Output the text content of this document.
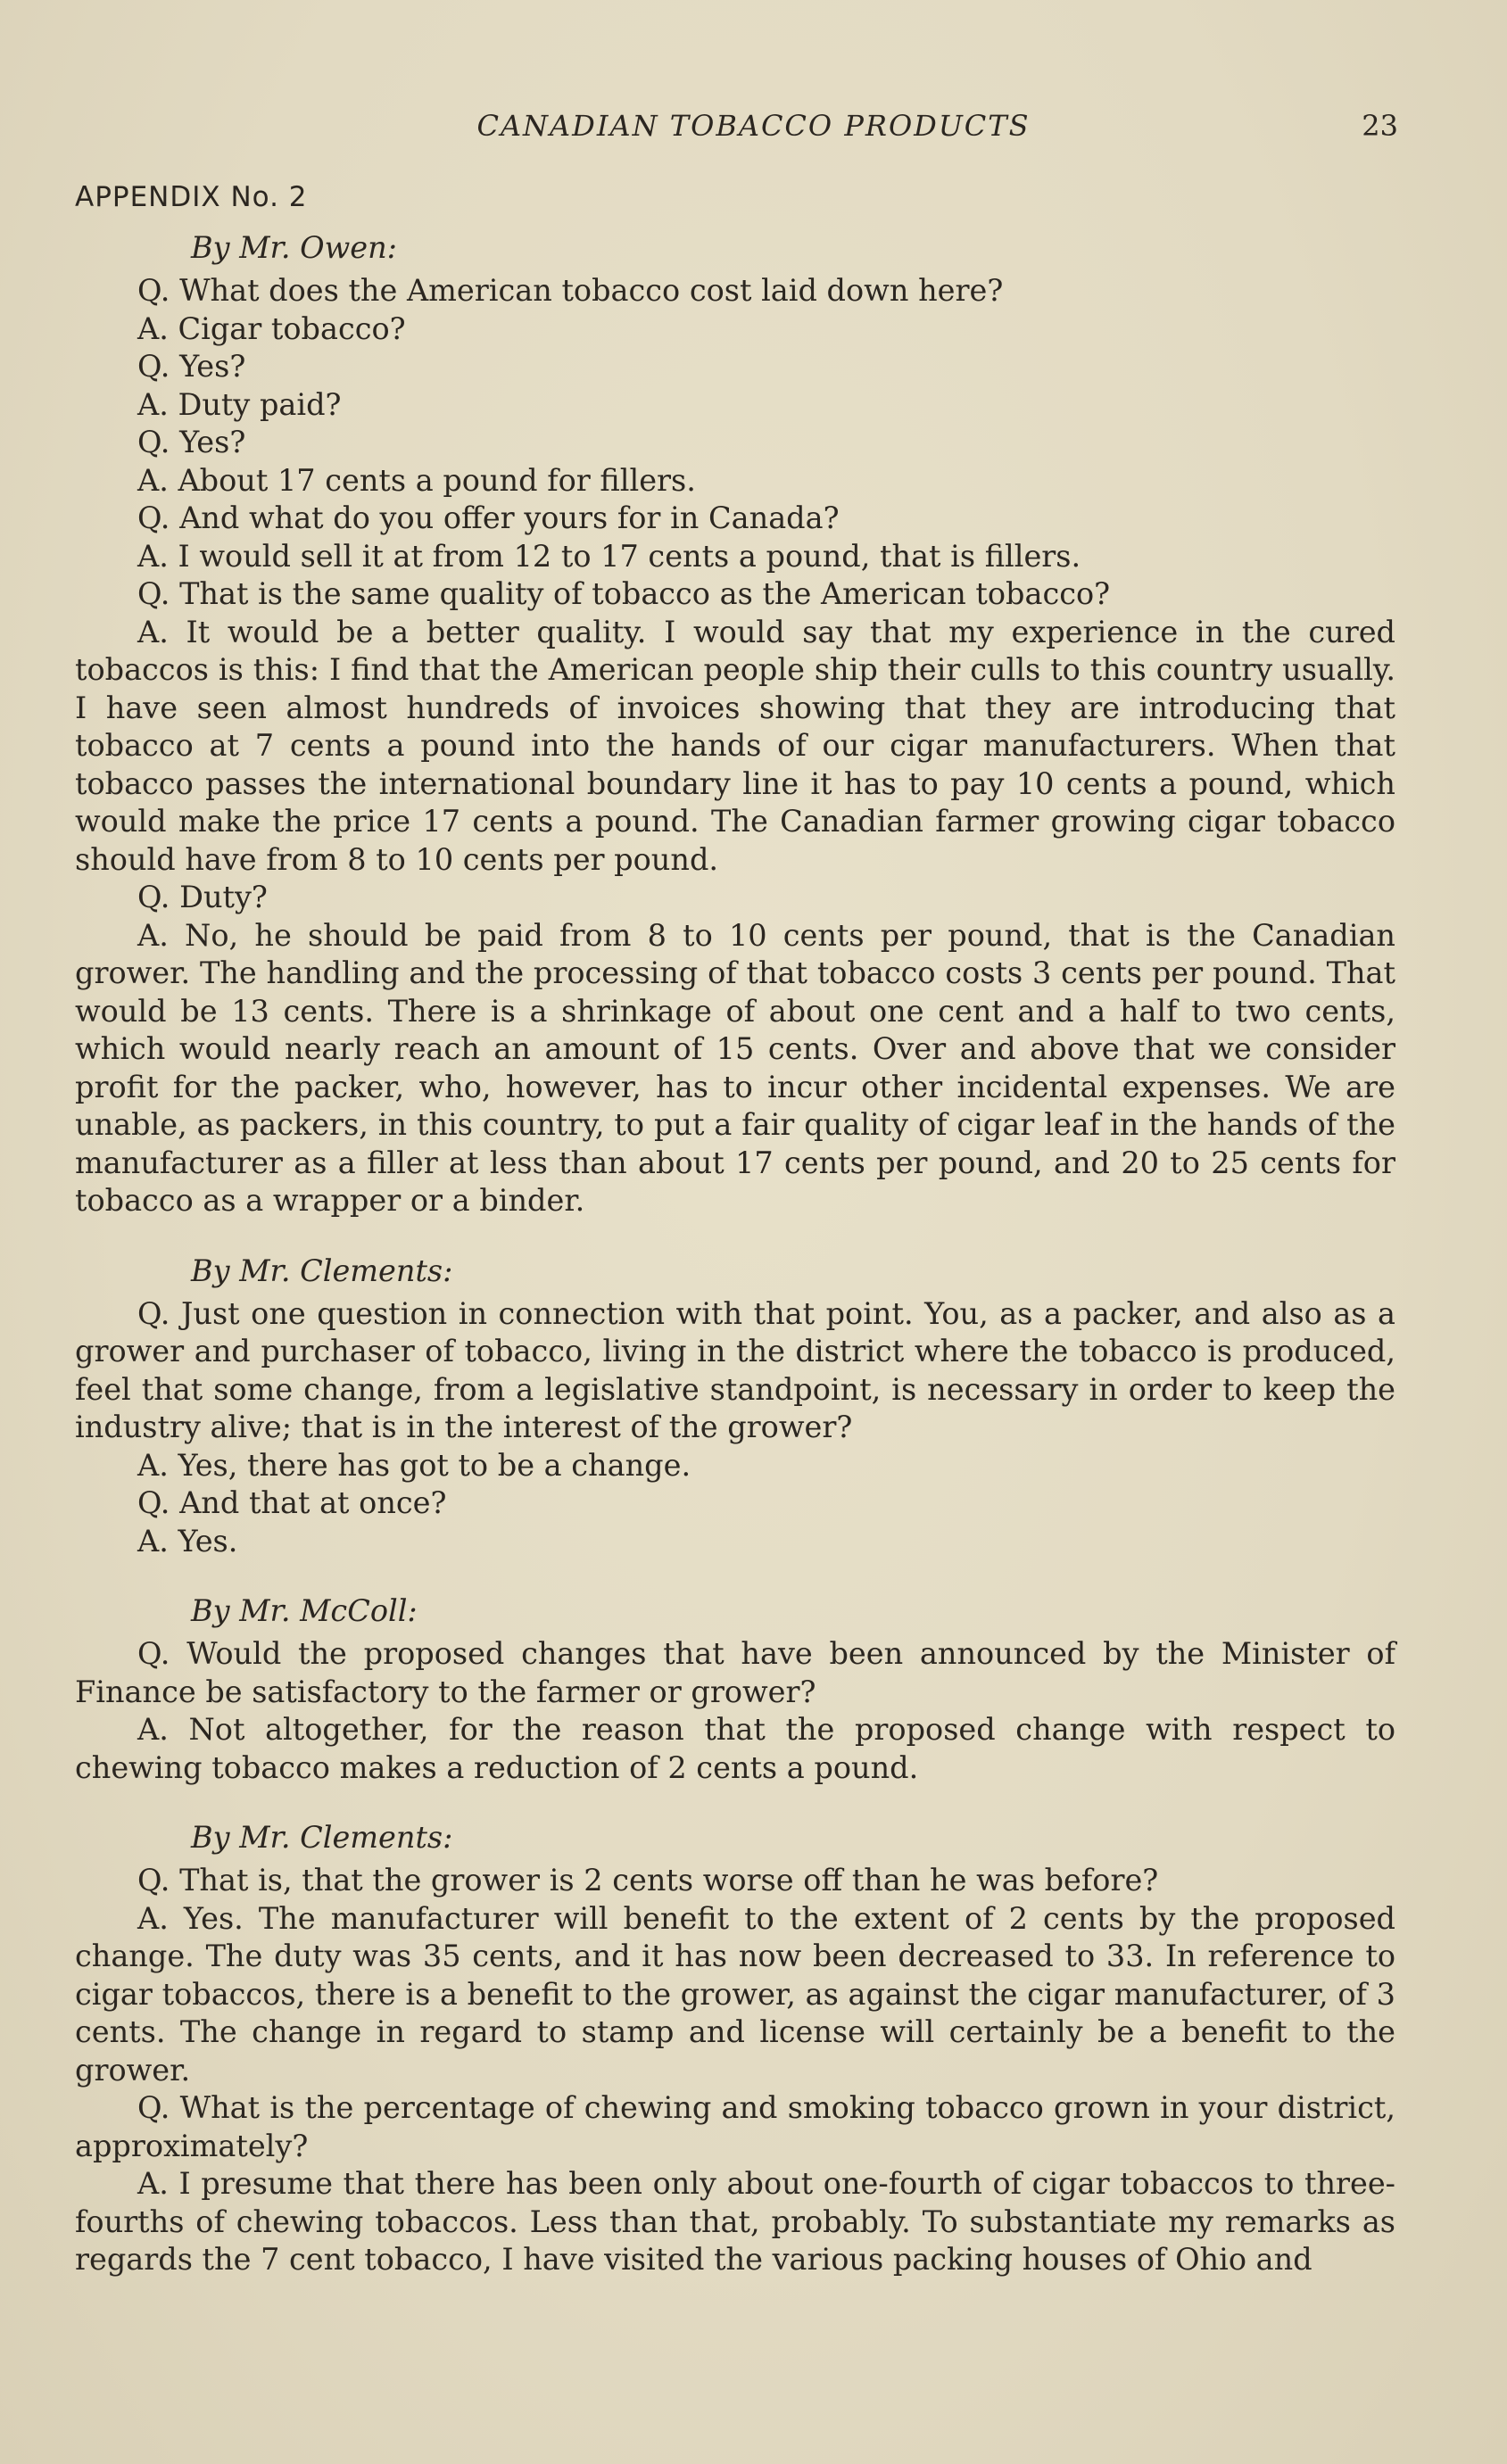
CANADIAN TOBACCO PRODUCTS	23
APPENDIX No. 2
By Mr. Owen:

Q. What does the American tobacco cost laid down here?

A. Cigar tobacco?

Q. Yes?

A. Duty paid?

Q. Yes?

A. About 17 cents a pound for fillers.

Q. And what do you offer yours for in Canada?

A. I would sell it at from 12 to 17 cents a pound, that is fillers.

Q. That is the same quality of tobacco as the American tobacco?

A. It would be a better quality. I would say that my experience in the cured tobaccos is this: I find that the American people ship their culls to this country usually. I have seen almost hundreds of invoices showing that they are introducing that tobacco at 7 cents a pound into the hands of our cigar manufacturers. When that tobacco passes the international boundary line it has to pay 10 cents a pound, which would make the price 17 cents a pound. The Canadian farmer growing cigar tobacco should have from 8 to 10 cents per pound.

Q. Duty?

A. No, he should be paid from 8 to 10 cents per pound, that is the Canadian grower. The handling and the processing of that tobacco costs 3 cents per pound. That would be 13 cents. There is a shrinkage of about one cent and a half to two cents, which would nearly reach an amount of 15 cents. Over and above that we consider profit for the packer, who, however, has to incur other incidental expenses. We are unable, as packers, in this country, to put a fair quality of cigar leaf in the hands of the manufacturer as a filler at less than about 17 cents per pound, and 20 to 25 cents for tobacco as a wrapper or a binder.

By Mr. Clements:

Q. Just one question in connection with that point. You, as a packer, and also as a grower and purchaser of tobacco, living in the district where the tobacco is produced, feel that some change, from a legislative standpoint, is necessary in order to keep the industry alive; that is in the interest of the grower?

A. Yes, there has got to be a change.

Q. And that at once?

A. Yes.

By Mr. McColl:

Q. Would the proposed changes that have been announced by the Minister of Finance be satisfactory to the farmer or grower?

A. Not altogether, for the reason that the proposed change with respect to chewing tobacco makes a reduction of 2 cents a pound.

By Mr. Clements:

Q. That is, that the grower is 2 cents worse off than he was before?

A. Yes. The manufacturer will benefit to the extent of 2 cents by the proposed change. The duty was 35 cents, and it has now been decreased to 33. In reference to cigar tobaccos, there is a benefit to the grower, as against the cigar manufacturer, of 3 cents. The change in regard to stamp and license will certainly be a benefit to the grower.

Q. What is the percentage of chewing and smoking tobacco grown in your district, approximately?

A. I presume that there has been only about one-fourth of cigar tobaccos to three-fourths of chewing tobaccos. Less than that, probably. To substantiate my remarks as regards the 7 cent tobacco, I have visited the various packing houses of Ohio and
